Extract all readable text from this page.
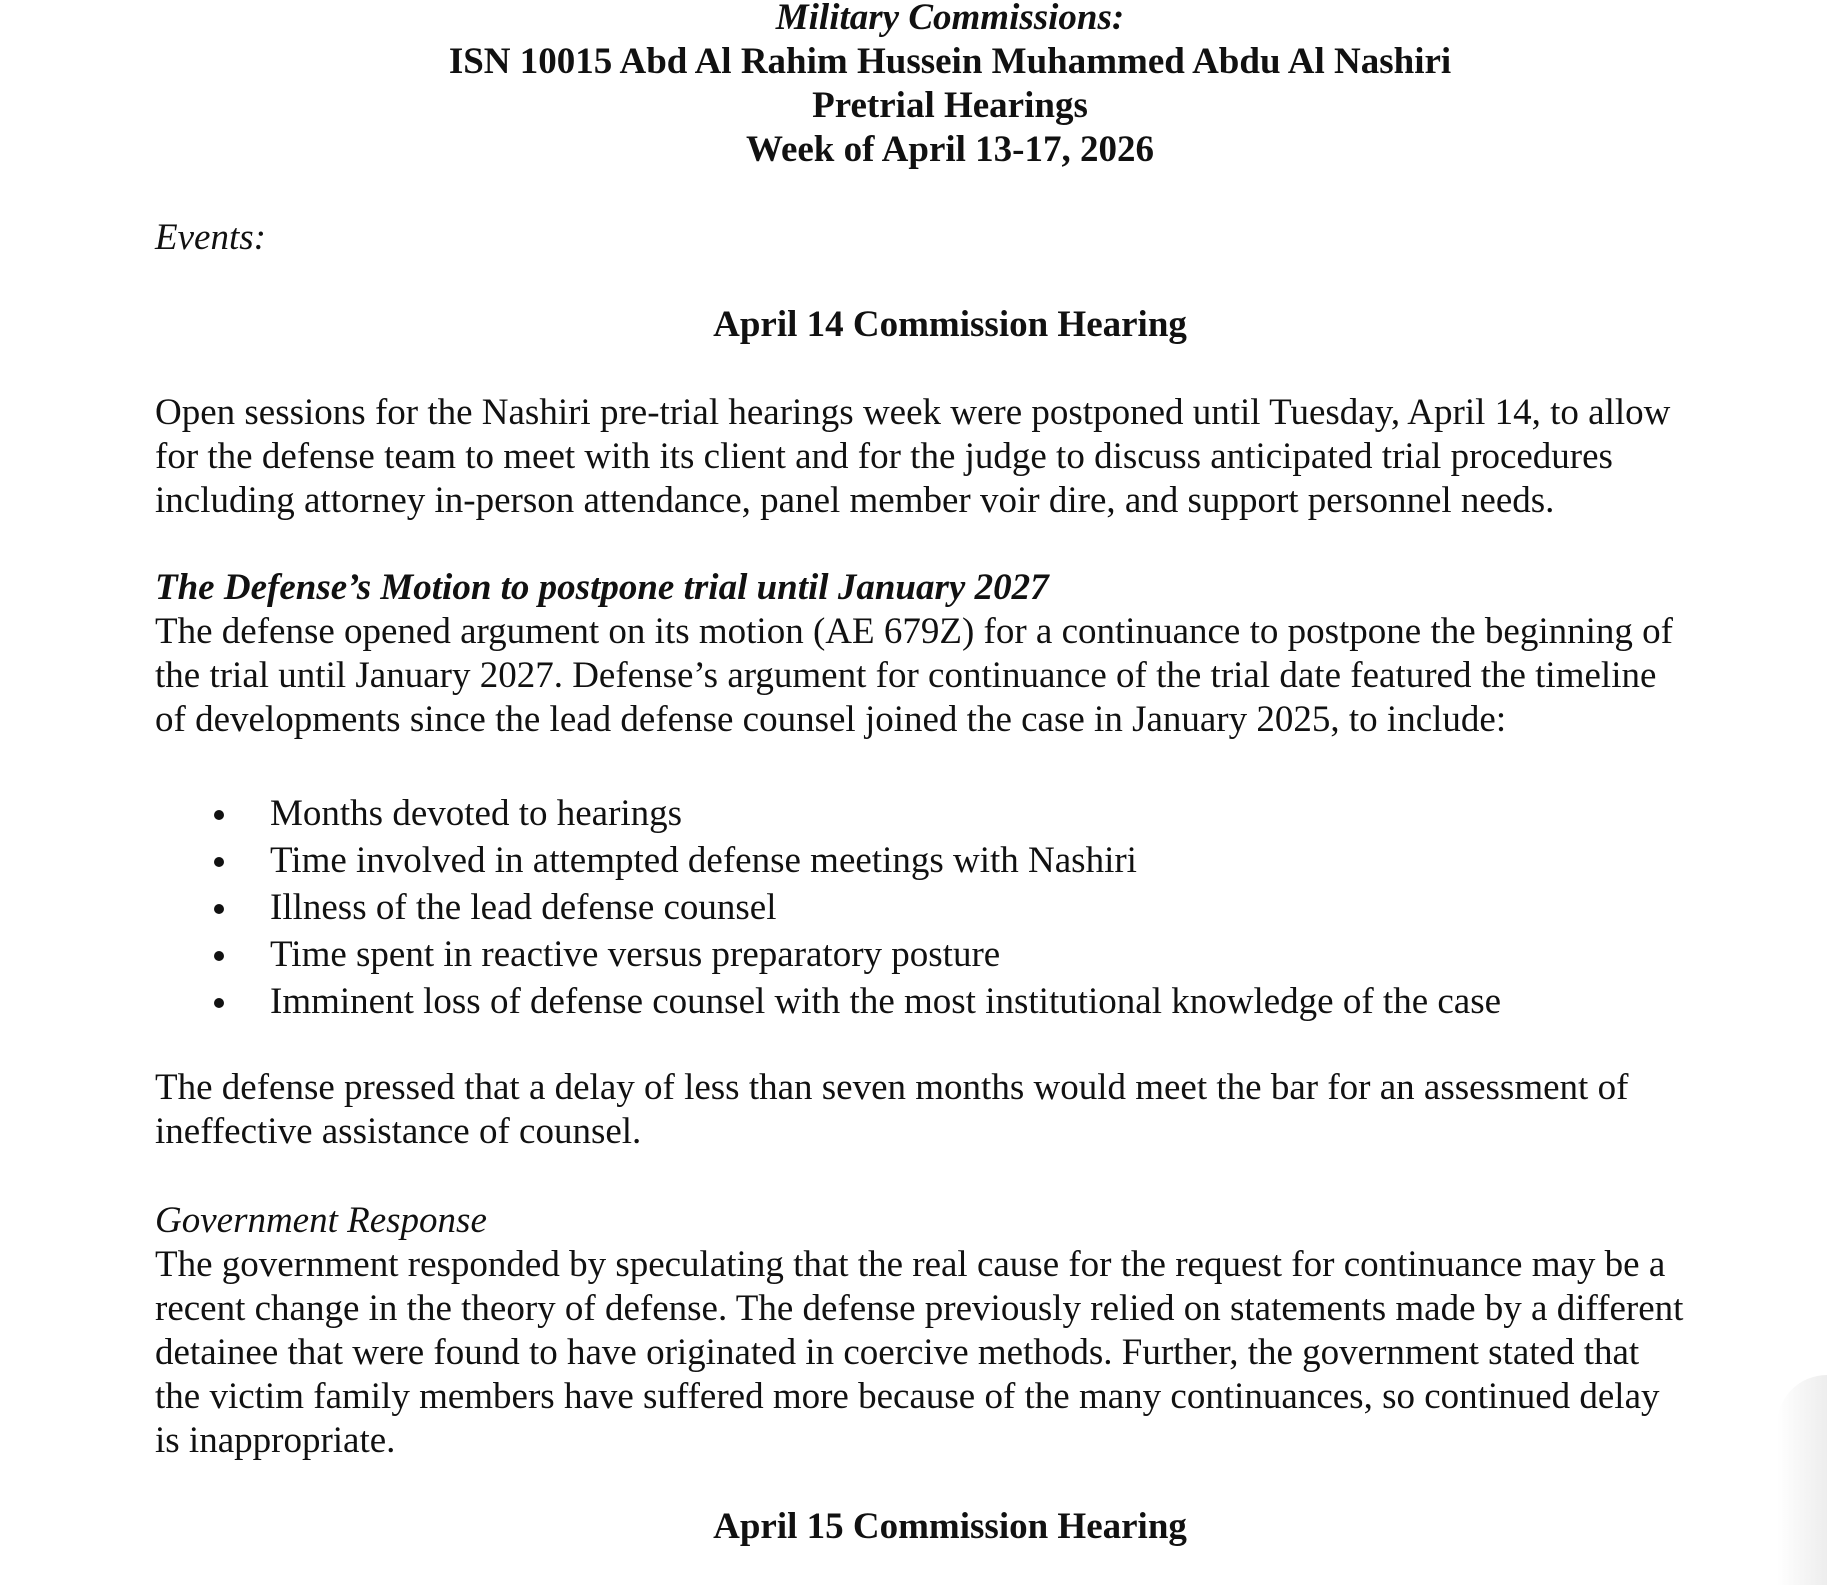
Military Commissions:
ISN 10015 Abd Al Rahim Hussein Muhammed Abdu Al Nashiri
Pretrial Hearings
Week of April 13-17, 2026
Events:
April 14 Commission Hearing
Open sessions for the Nashiri pre-trial hearings week were postponed until Tuesday, April 14, to allow
for the defense team to meet with its client and for the judge to discuss anticipated trial procedures
including attorney in-person attendance, panel member voir dire, and support personnel needs.
The Defense’s Motion to postpone trial until January 2027
The defense opened argument on its motion (AE 679Z) for a continuance to postpone the beginning of
the trial until January 2027. Defense’s argument for continuance of the trial date featured the timeline
of developments since the lead defense counsel joined the case in January 2025, to include:
Months devoted to hearings
Time involved in attempted defense meetings with Nashiri
Illness of the lead defense counsel
Time spent in reactive versus preparatory posture
Imminent loss of defense counsel with the most institutional knowledge of the case
The defense pressed that a delay of less than seven months would meet the bar for an assessment of
ineffective assistance of counsel.
Government Response
The government responded by speculating that the real cause for the request for continuance may be a
recent change in the theory of defense. The defense previously relied on statements made by a different
detainee that were found to have originated in coercive methods. Further, the government stated that
the victim family members have suffered more because of the many continuances, so continued delay
is inappropriate.
April 15 Commission Hearing
